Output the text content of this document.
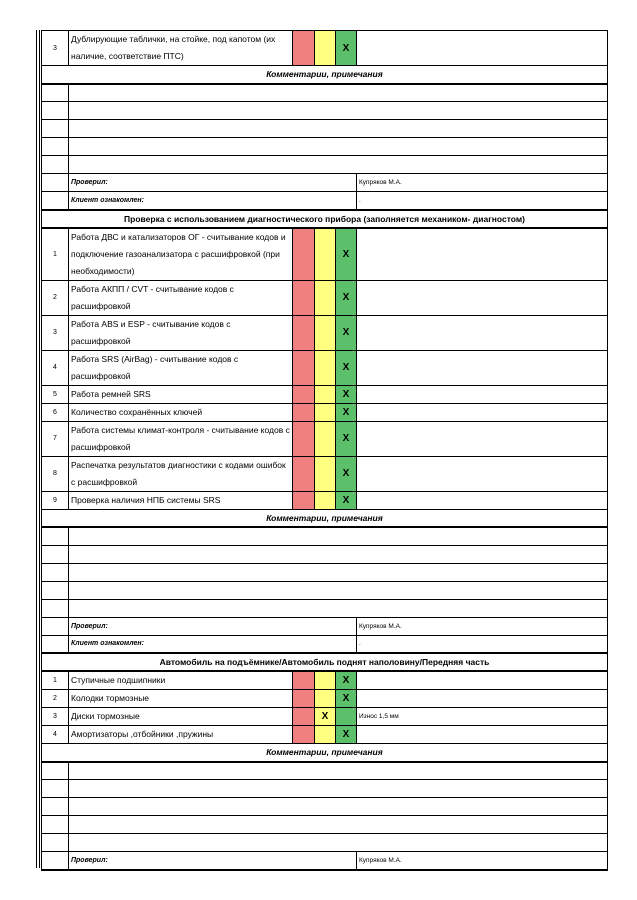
3	Дублирующие таблички, на стойке, под капотом (их наличие, соответствие ПТС)			X	
Комментарии, примечания					

	Проверил:				Купряков М.А.
	Клиент ознакомлен:				.
Проверка с использованием диагностического прибора (заполняется механиком- диагностом)					
1	Работа ДВС и катализаторов ОГ - считывание кодов и подключение газоанализатора с расшифровкой (при необходимости)			X	
2	Работа АКПП / CVT - считывание кодов с расшифровкой			X	
3	Работа ABS и ESP - считывание кодов с расшифровкой			X	
4	Работа SRS (AirBag) - считывание кодов с расшифровкой			X	
5	Работа ремней SRS			X	
6	Количество сохранённых ключей			X	
7	Работа системы климат-контроля - считывание кодов с расшифровкой			X	
8	Распечатка результатов диагностики с кодами ошибок с расшифровкой			X	
9	Проверка наличия НПБ системы SRS			X	
Комментарии, примечания					

	Проверил:				Купряков М.А.
	Клиент ознакомлен:				.
Автомобиль на подъёмнике/Автомобиль поднят наполовину/Передняя часть					
1	Ступичные подшипники			X	
2	Колодки тормозные			X	
3	Диски тормозные		X		Износ 1,5 мм
4	Амортизаторы ,отбойники ,пружины			X	
Комментарии, примечания					

	Проверил:				Купряков М.А.
